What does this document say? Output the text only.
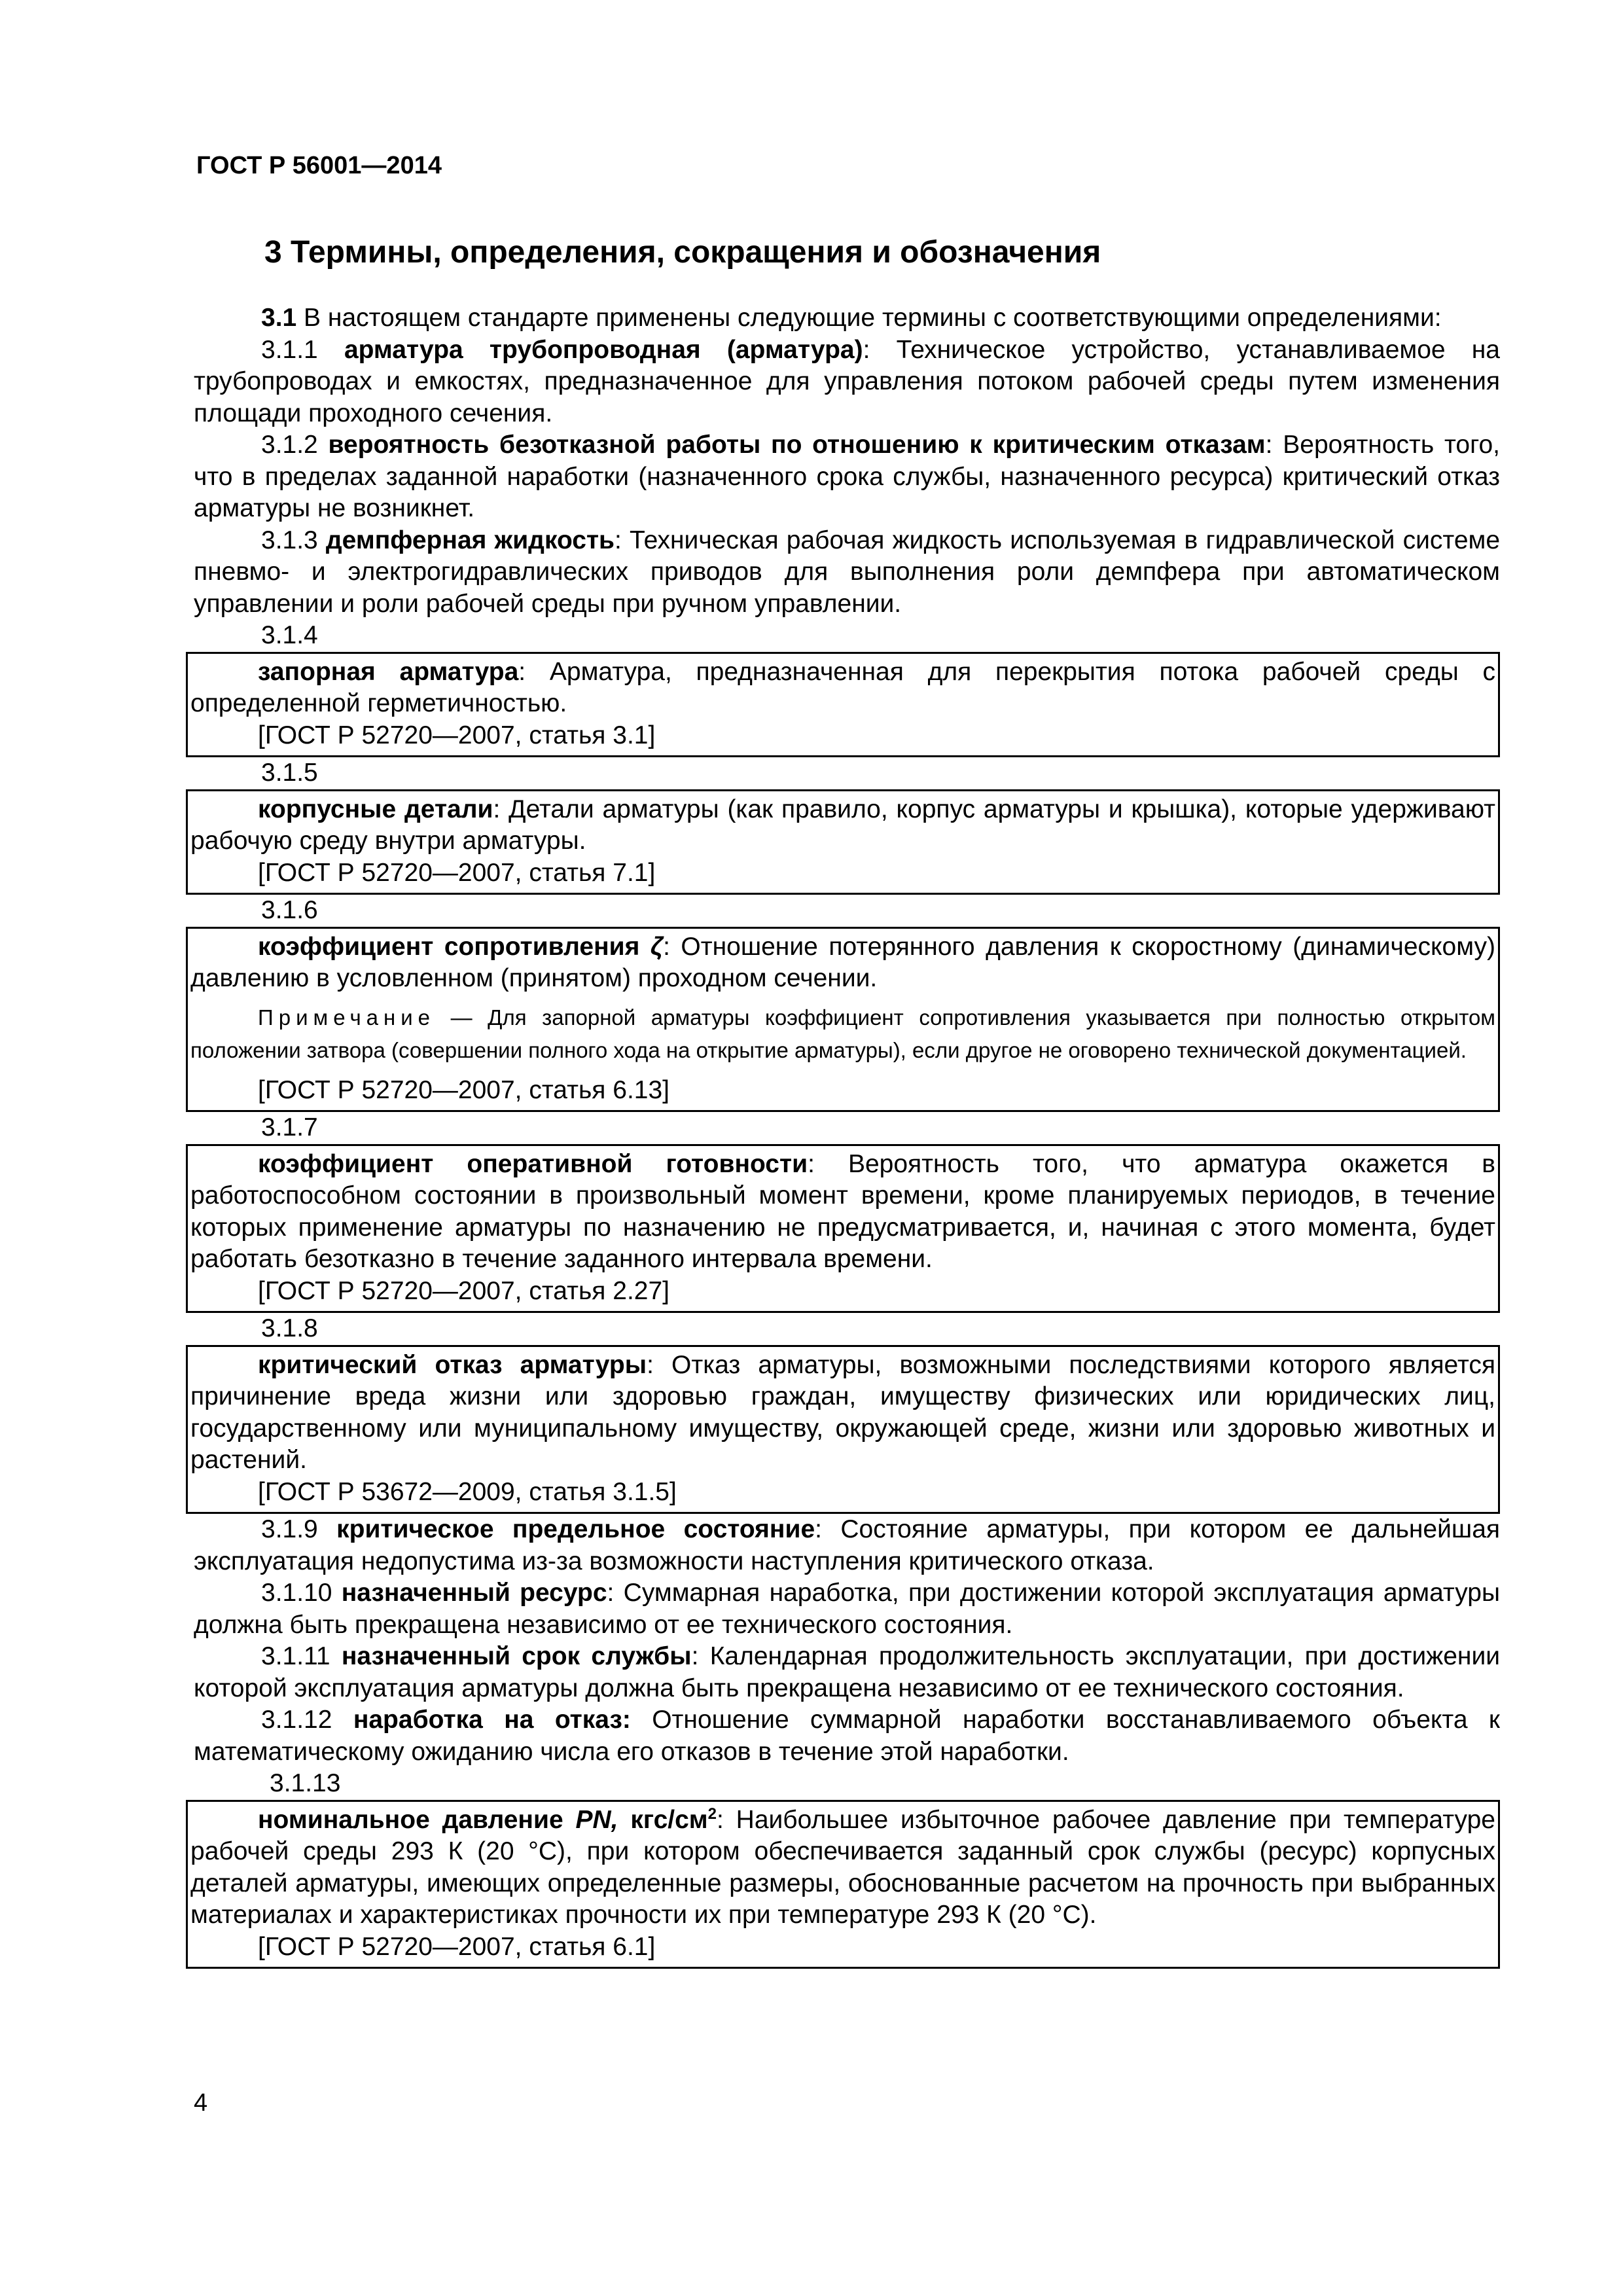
ГОСТ Р 56001—2014
3 Термины, определения, сокращения и обозначения

3.1 В настоящем стандарте применены следующие термины с соответствующими определениями:

3.1.1 арматура трубопроводная (арматура): Техническое устройство, устанавливаемое на трубопроводах и емкостях, предназначенное для управления потоком рабочей среды путем изменения площади проходного сечения.

3.1.2 вероятность безотказной работы по отношению к критическим отказам: Вероятность того, что в пределах заданной наработки (назначенного срока службы, назначенного ресурса) критический отказ арматуры не возникнет.

3.1.3 демпферная жидкость: Техническая рабочая жидкость используемая в гидравлической системе пневмо- и электрогидравлических приводов для выполнения роли демпфера при автоматическом управлении и роли рабочей среды при ручном управлении.

3.1.4

запорная арматура: Арматура, предназначенная для перекрытия потока рабочей среды с определенной герметичностью.

[ГОСТ Р 52720—2007, статья 3.1]
3.1.5

корпусные детали: Детали арматуры (как правило, корпус арматуры и крышка), которые удерживают рабочую среду внутри арматуры.

[ГОСТ Р 52720—2007, статья 7.1]
3.1.6

коэффициент сопротивления ζ: Отношение потерянного давления к скоростному (динамическому) давлению в условленном (принятом) проходном сечении.

Примечание — Для запорной арматуры коэффициент сопротивления указывается при полностью открытом положении затвора (совершении полного хода на открытие арматуры), если другое не оговорено технической документацией.

[ГОСТ Р 52720—2007, статья 6.13]
3.1.7

коэффициент оперативной готовности: Вероятность того, что арматура окажется в работоспособном состоянии в произвольный момент времени, кроме планируемых периодов, в течение которых применение арматуры по назначению не предусматривается, и, начиная с этого момента, будет работать безотказно в течение заданного интервала времени.

[ГОСТ Р 52720—2007, статья 2.27]
3.1.8

критический отказ арматуры: Отказ арматуры, возможными последствиями которого является причинение вреда жизни или здоровью граждан, имуществу физических или юридических лиц, государственному или муниципальному имуществу, окружающей среде, жизни или здоровью животных и растений.

[ГОСТ Р 53672—2009, статья 3.1.5]

3.1.9 критическое предельное состояние: Состояние арматуры, при котором ее дальнейшая эксплуатация недопустима из-за возможности наступления критического отказа.

3.1.10 назначенный ресурс: Суммарная наработка, при достижении которой эксплуатация арматуры должна быть прекращена независимо от ее технического состояния.

3.1.11 назначенный срок службы: Календарная продолжительность эксплуатации, при достижении которой эксплуатация арматуры должна быть прекращена независимо от ее технического состояния.

3.1.12 наработка на отказ: Отношение суммарной наработки восстанавливаемого объекта к математическому ожиданию числа его отказов в течение этой наработки.

3.1.13

номинальное давление PN, кгс/$см^2$: Наибольшее избыточное рабочее давление при температуре рабочей среды 293 К (20 °С), при котором обеспечивается заданный срок службы (ресурс) корпусных деталей арматуры, имеющих определенные размеры, обоснованные расчетом на прочность при выбранных материалах и характеристиках прочности их при температуре 293 К (20 °С).

[ГОСТ Р 52720—2007, статья 6.1]
4
